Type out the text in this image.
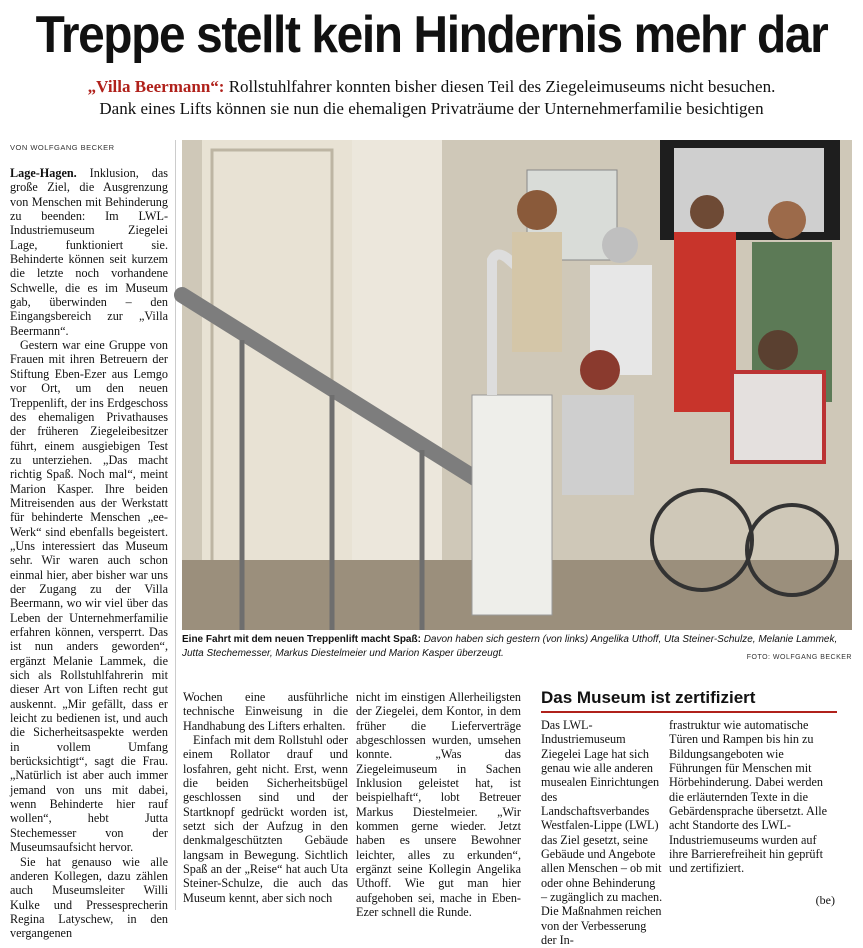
Treppe stellt kein Hindernis mehr dar
„Villa Beermann“: Rollstuhlfahrer konnten bisher diesen Teil des Ziegeleimuseums nicht besuchen.
Dank eines Lifts können sie nun die ehemaligen Privaträume der Unternehmerfamilie besichtigen
VON WOLFGANG BECKER

Lage-Hagen. Inklusion, das große Ziel, die Ausgrenzung von Menschen mit Behinderung zu beenden: Im LWL-Industriemuseum Ziegelei Lage, funktioniert sie. Behinderte können seit kurzem die letzte noch vorhandene Schwelle, die es im Museum gab, überwinden – den Eingangsbereich zur „Villa Beermann“.

Gestern war eine Gruppe von Frauen mit ihren Betreuern der Stiftung Eben-Ezer aus Lemgo vor Ort, um den neuen Treppenlift, der ins Erdgeschoss des ehemaligen Privathauses der früheren Ziegeleibesitzer führt, einem ausgiebigen Test zu unterziehen. „Das macht richtig Spaß. Noch mal“, meint Marion Kasper. Ihre beiden Mitreisenden aus der Werkstatt für behinderte Menschen „ee-Werk“ sind ebenfalls begeistert. „Uns interessiert das Museum sehr. Wir waren auch schon einmal hier, aber bisher war uns der Zugang zu der Villa Beermann, wo wir viel über das Leben der Unternehmerfamilie erfahren können, versperrt. Das ist nun anders geworden“, ergänzt Melanie Lammek, die sich als Rollstuhlfahrerin mit dieser Art von Liften recht gut auskennt. „Mir gefällt, dass er leicht zu bedienen ist, und auch die Sicherheitsaspekte werden in vollem Umfang berücksichtigt“, sagt die Frau. „Natürlich ist aber auch immer jemand von uns mit dabei, wenn Behinderte hier rauf wollen“, hebt Jutta Stechemesser von der Museumsaufsicht hervor.

Sie hat genauso wie alle anderen Kollegen, dazu zählen auch Museumsleiter Willi Kulke und Pressesprecherin Regina Latyschew, in den vergangenen

Eine Fahrt mit dem neuen Treppenlift macht Spaß: Davon haben sich gestern (von links) Angelika Uthoff, Uta Steiner-Schulze, Melanie Lammek, Jutta Stechemesser, Markus Diestelmeier und Marion Kasper überzeugt.	FOTO: WOLFGANG BECKER

Wochen eine ausführliche technische Einweisung in die Handhabung des Lifters erhalten.

Einfach mit dem Rollstuhl oder einem Rollator drauf und losfahren, geht nicht. Erst, wenn die beiden Sicherheitsbügel geschlossen sind und der Startknopf gedrückt worden ist, setzt sich der Aufzug in den denkmalgeschützten Gebäude langsam in Bewegung. Sichtlich Spaß an der „Reise“ hat auch Uta Steiner-Schulze, die auch das Museum kennt, aber sich noch

nicht im einstigen Allerheiligsten der Ziegelei, dem Kontor, in dem früher die Lieferverträge abgeschlossen wurden, umsehen konnte. „Was das Ziegeleimuseum in Sachen Inklusion geleistet hat, ist beispielhaft“, lobt Betreuer Markus Diestelmeier. „Wir kommen gerne wieder. Jetzt haben es unsere Bewohner leichter, alles zu erkunden“, ergänzt seine Kollegin Angelika Uthoff. Wie gut man hier aufgehoben sei, mache in Eben-Ezer schnell die Runde.

Das Museum ist zertifiziert

Das LWL-Industriemuseum Ziegelei Lage hat sich genau wie alle anderen musealen Einrichtungen des Landschaftsverbandes Westfalen-Lippe (LWL) das Ziel gesetzt, seine Gebäude und Angebote allen Menschen – ob mit oder ohne Behinderung – zugänglich zu machen. Die Maßnahmen reichen von der Verbesserung der In-

frastruktur wie automatische Türen und Rampen bis hin zu Bildungsangeboten wie Führungen für Menschen mit Hörbehinderung. Dabei werden die erläuternden Texte in die Gebärdensprache übersetzt. Alle acht Standorte des LWL-Industriemuseums wurden auf ihre Barrierefreiheit hin geprüft und zertifiziert.

(be)
